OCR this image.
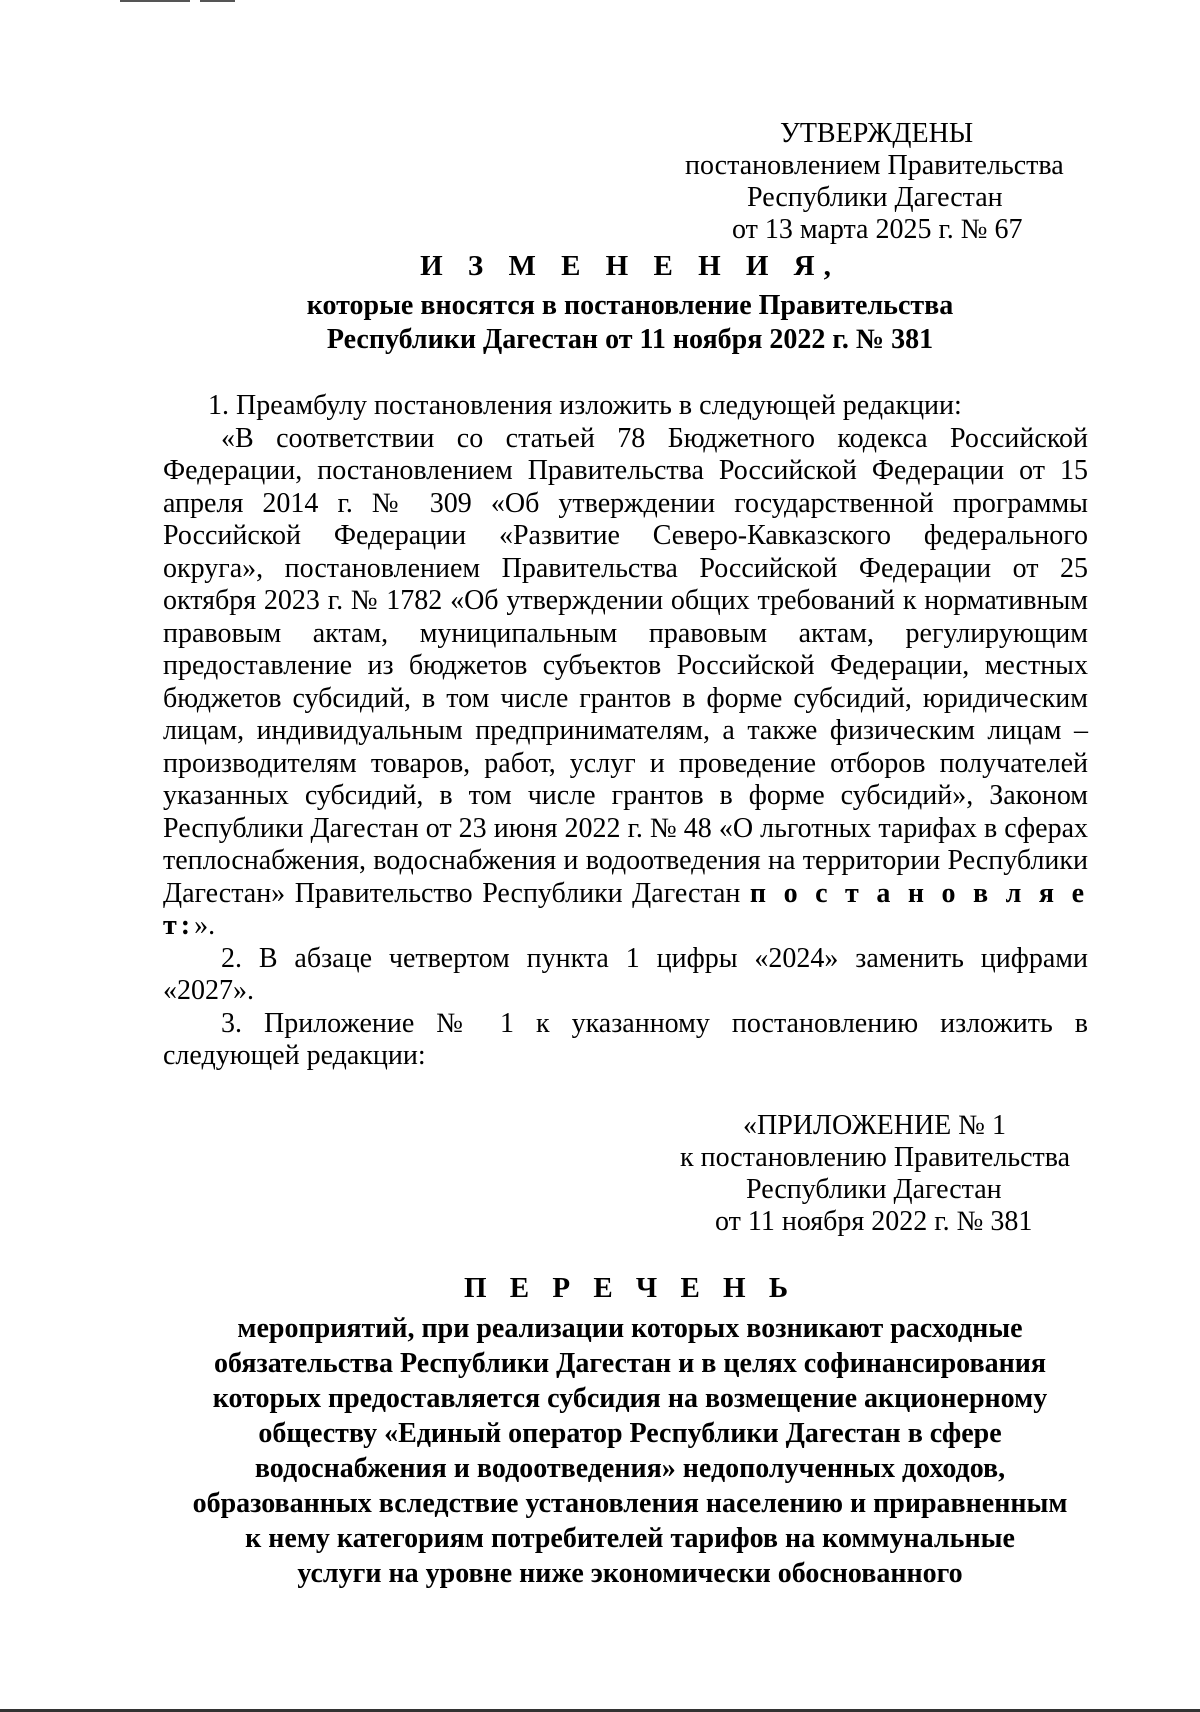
УТВЕРЖДЕНЫ
постановлением Правительства
Республики Дагестан
от 13 марта 2025 г. № 67
И З М Е Н Е Н И Я,
которые вносятся в постановление Правительства
Республики Дагестан от 11 ноября 2022 г. № 381

1. Преамбулу постановления изложить в следующей редакции:

«В соответствии со статьей 78 Бюджетного кодекса Российской Федерации, постановлением Правительства Российской Федерации от 15 апреля 2014 г. № 309 «Об утверждении государственной программы Российской Федерации «Развитие Северо-Кавказского федерального округа», постановлением Правительства Российской Федерации от 25 октября 2023 г. № 1782 «Об утверждении общих требований к нормативным правовым актам, муниципальным правовым актам, регулирующим предоставление из бюджетов субъектов Российской Федерации, местных бюджетов субсидий, в том числе грантов в форме субсидий, юридическим лицам, индивидуальным предпринимателям, а также физическим лицам – производителям товаров, работ, услуг и проведение отборов получателей указанных субсидий, в том числе грантов в форме субсидий», Законом Республики Дагестан от 23 июня 2022 г. № 48 «О льготных тарифах в сферах теплоснабжения, водоснабжения и водоотведения на территории Республики Дагестан» Правительство Республики Дагестан п о с т а н о в л я е т:».

2. В абзаце четвертом пункта 1 цифры «2024» заменить цифрами «2027».

3. Приложение № 1 к указанному постановлению изложить в следующей редакции:

«ПРИЛОЖЕНИЕ № 1
к постановлению Правительства
Республики Дагестан
от 11 ноября 2022 г. № 381
П Е Р Е Ч Е Н Ь
мероприятий, при реализации которых возникают расходные
обязательства Республики Дагестан и в целях софинансирования
которых предоставляется субсидия на возмещение акционерному
обществу «Единый оператор Республики Дагестан в сфере
водоснабжения и водоотведения» недополученных доходов,
образованных вследствие установления населению и приравненным
к нему категориям потребителей тарифов на коммунальные
услуги на уровне ниже экономически обоснованного
